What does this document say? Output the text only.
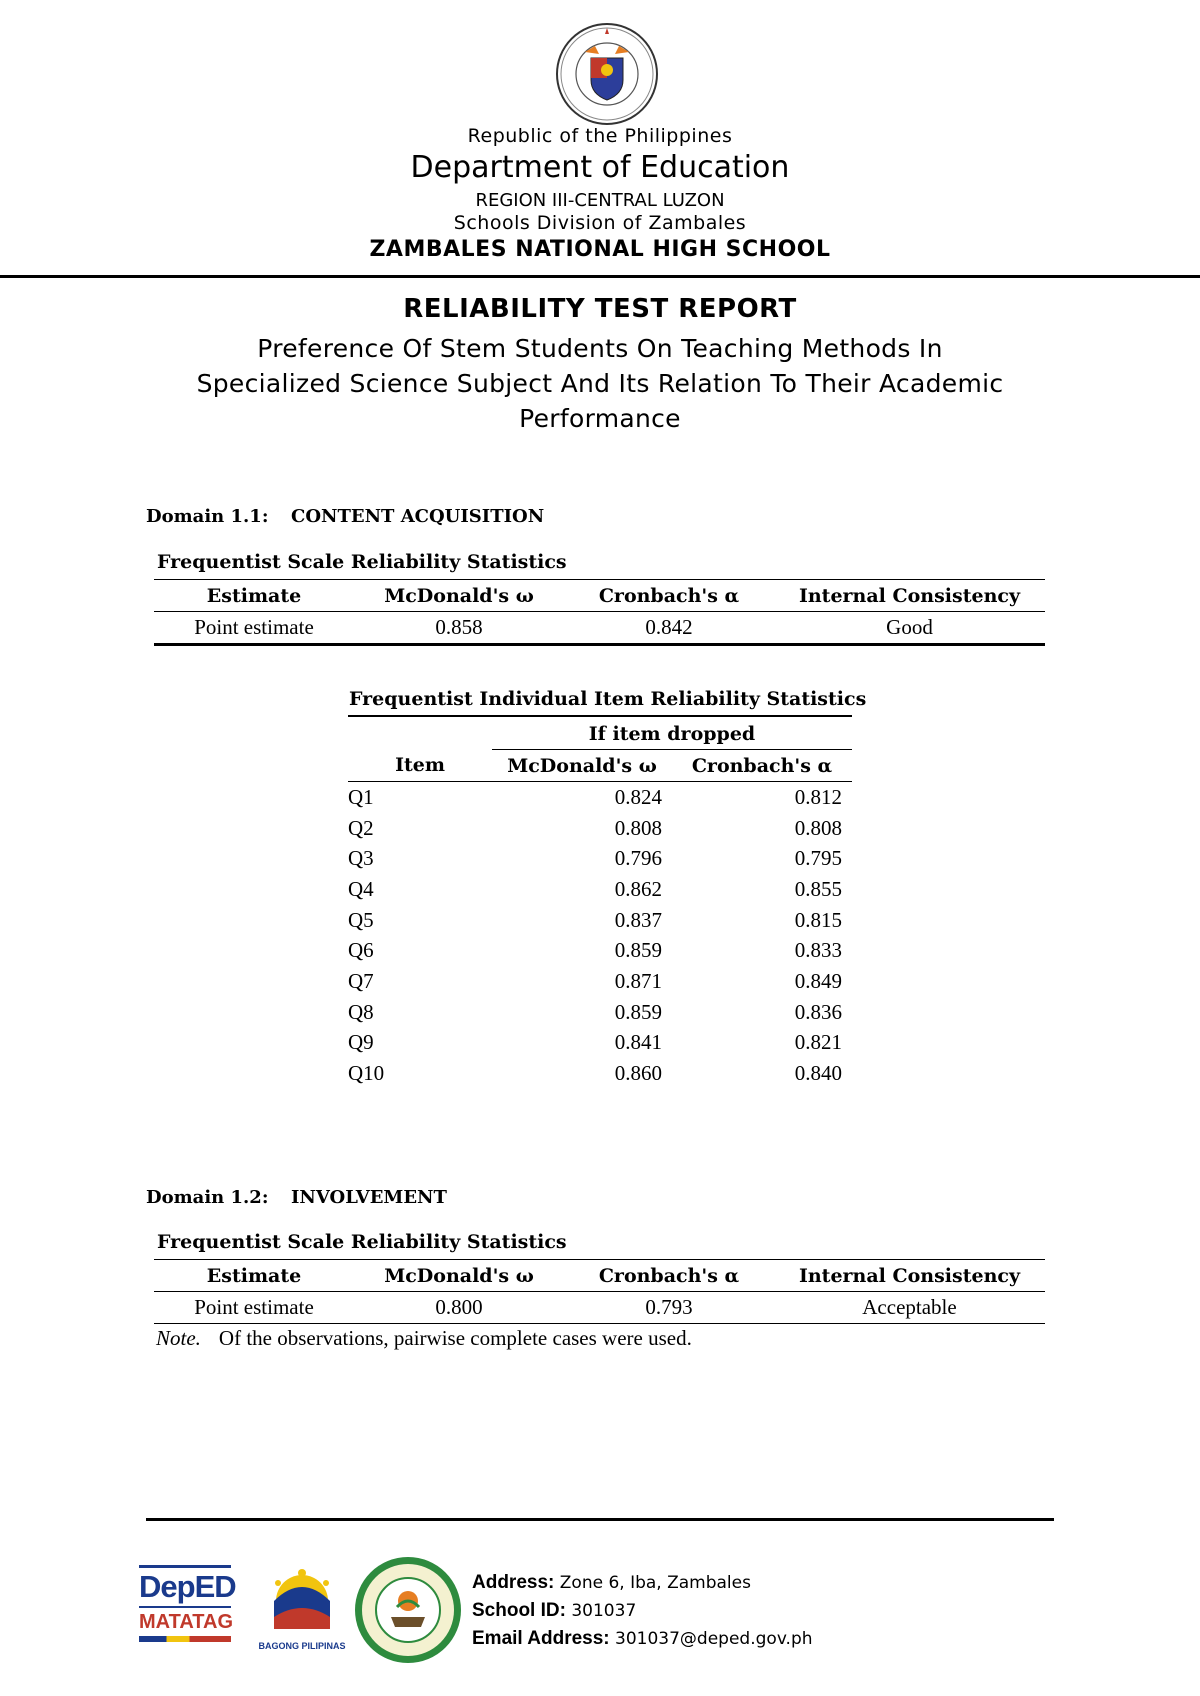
Republic of the Philippines
Department of Education
REGION III-CENTRAL LUZON
Schools Division of Zambales
ZAMBALES NATIONAL HIGH SCHOOL
RELIABILITY TEST REPORT
Preference Of Stem Students On Teaching Methods In
Specialized Science Subject And Its Relation To Their Academic
Performance
Domain 1.1: CONTENT ACQUISITION
Frequentist Scale Reliability Statistics
Estimate	McDonald's ω	Cronbach's α	Internal Consistency
Point estimate	0.858	0.842	Good
Frequentist Individual Item Reliability Statistics
	If item dropped	
Item	McDonald's ω	Cronbach's α
Q1	0.824	0.812
Q2	0.808	0.808
Q3	0.796	0.795
Q4	0.862	0.855
Q5	0.837	0.815
Q6	0.859	0.833
Q7	0.871	0.849
Q8	0.859	0.836
Q9	0.841	0.821
Q10	0.860	0.840
Domain 1.2: INVOLVEMENT
Frequentist Scale Reliability Statistics
Estimate	McDonald's ω	Cronbach's α	Internal Consistency
Point estimate	0.800	0.793	Acceptable
Note. Of the observations, pairwise complete cases were used.
DepED
MATATAG
BAGONG PILIPINAS
Address: Zone 6, Iba, Zambales
School ID: 301037
Email Address: 301037@deped.gov.ph
